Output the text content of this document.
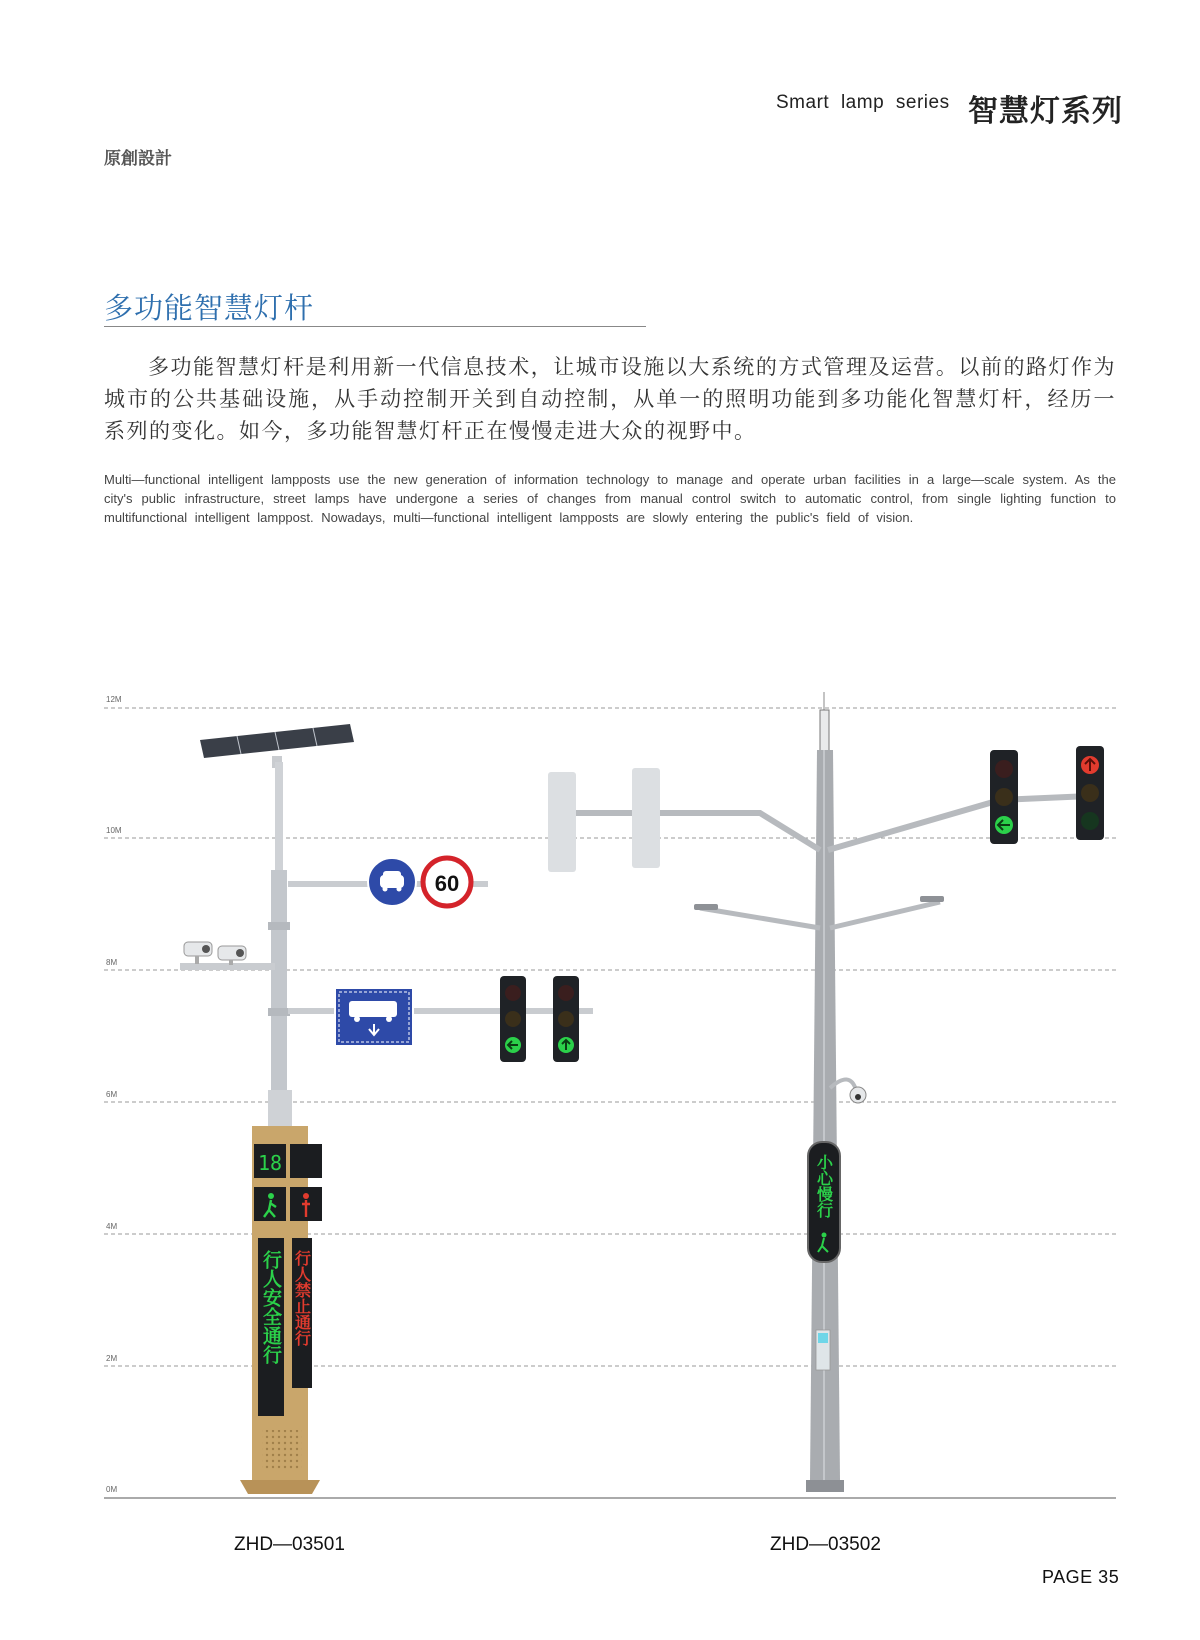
Smart lamp series 智慧灯系列
原創設計
多功能智慧灯杆
多功能智慧灯杆是利用新一代信息技术，让城市设施以大系统的方式管理及运营。以前的路灯作为城市的公共基础设施，从手动控制开关到自动控制，从单一的照明功能到多功能化智慧灯杆，经历一系列的变化。如今，多功能智慧灯杆正在慢慢走进大众的视野中。
Multi—functional intelligent lampposts use the new generation of information technology to manage and operate urban facilities in a large—scale system. As the city's public infrastructure, street lamps have undergone a series of changes from manual control switch to automatic control, from single lighting function to multifunctional intelligent lamppost. Nowadays, multi—functional intelligent lampposts are slowly entering the public's field of vision.
12M
10M
8M
6M
4M
2M
0M
60
18
行人安全通行 行人禁止通行
小心慢行
ZHD—03501	ZHD—03502
PAGE 35
